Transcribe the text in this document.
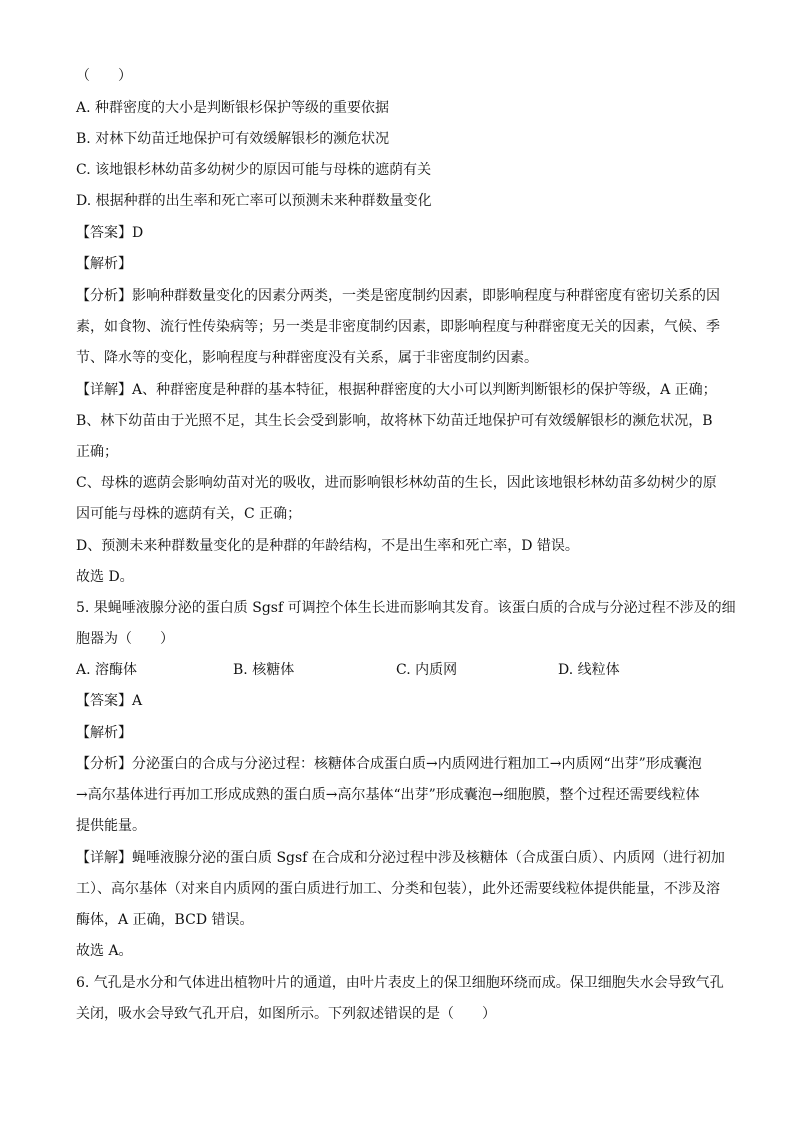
（　　）
A. 种群密度的大小是判断银杉保护等级的重要依据
B. 对林下幼苗迁地保护可有效缓解银杉的濒危状况
C. 该地银杉林幼苗多幼树少的原因可能与母株的遮荫有关
D. 根据种群的出生率和死亡率可以预测未来种群数量变化
【答案】D
【解析】
【分析】影响种群数量变化的因素分两类，一类是密度制约因素，即影响程度与种群密度有密切关系的因
素，如食物、流行性传染病等；另一类是非密度制约因素，即影响程度与种群密度无关的因素，气候、季
节、降水等的变化，影响程度与种群密度没有关系，属于非密度制约因素。
【详解】A、种群密度是种群的基本特征，根据种群密度的大小可以判断判断银杉的保护等级，A 正确；
B、林下幼苗由于光照不足，其生长会受到影响，故将林下幼苗迁地保护可有效缓解银杉的濒危状况，B
正确；
C、母株的遮荫会影响幼苗对光的吸收，进而影响银杉林幼苗的生长，因此该地银杉林幼苗多幼树少的原
因可能与母株的遮荫有关，C 正确；
D、预测未来种群数量变化的是种群的年龄结构，不是出生率和死亡率，D 错误。
故选 D。
5. 果蝇唾液腺分泌的蛋白质 Sgsf 可调控个体生长进而影响其发育。该蛋白质的合成与分泌过程不涉及的细
胞器为（　　）
A. 溶酶体	B. 核糖体	C. 内质网	D. 线粒体
【答案】A
【解析】
【分析】分泌蛋白的合成与分泌过程：核糖体合成蛋白质→内质网进行粗加工→内质网“出芽”形成囊泡
→高尔基体进行再加工形成成熟的蛋白质→高尔基体“出芽”形成囊泡→细胞膜，整个过程还需要线粒体
提供能量。
【详解】蝇唾液腺分泌的蛋白质 Sgsf 在合成和分泌过程中涉及核糖体（合成蛋白质）、内质网（进行初加
工）、高尔基体（对来自内质网的蛋白质进行加工、分类和包装），此外还需要线粒体提供能量，不涉及溶
酶体，A 正确，BCD 错误。
故选 A。
6. 气孔是水分和气体进出植物叶片的通道，由叶片表皮上的保卫细胞环绕而成。保卫细胞失水会导致气孔
关闭，吸水会导致气孔开启，如图所示。下列叙述错误的是（　　）
